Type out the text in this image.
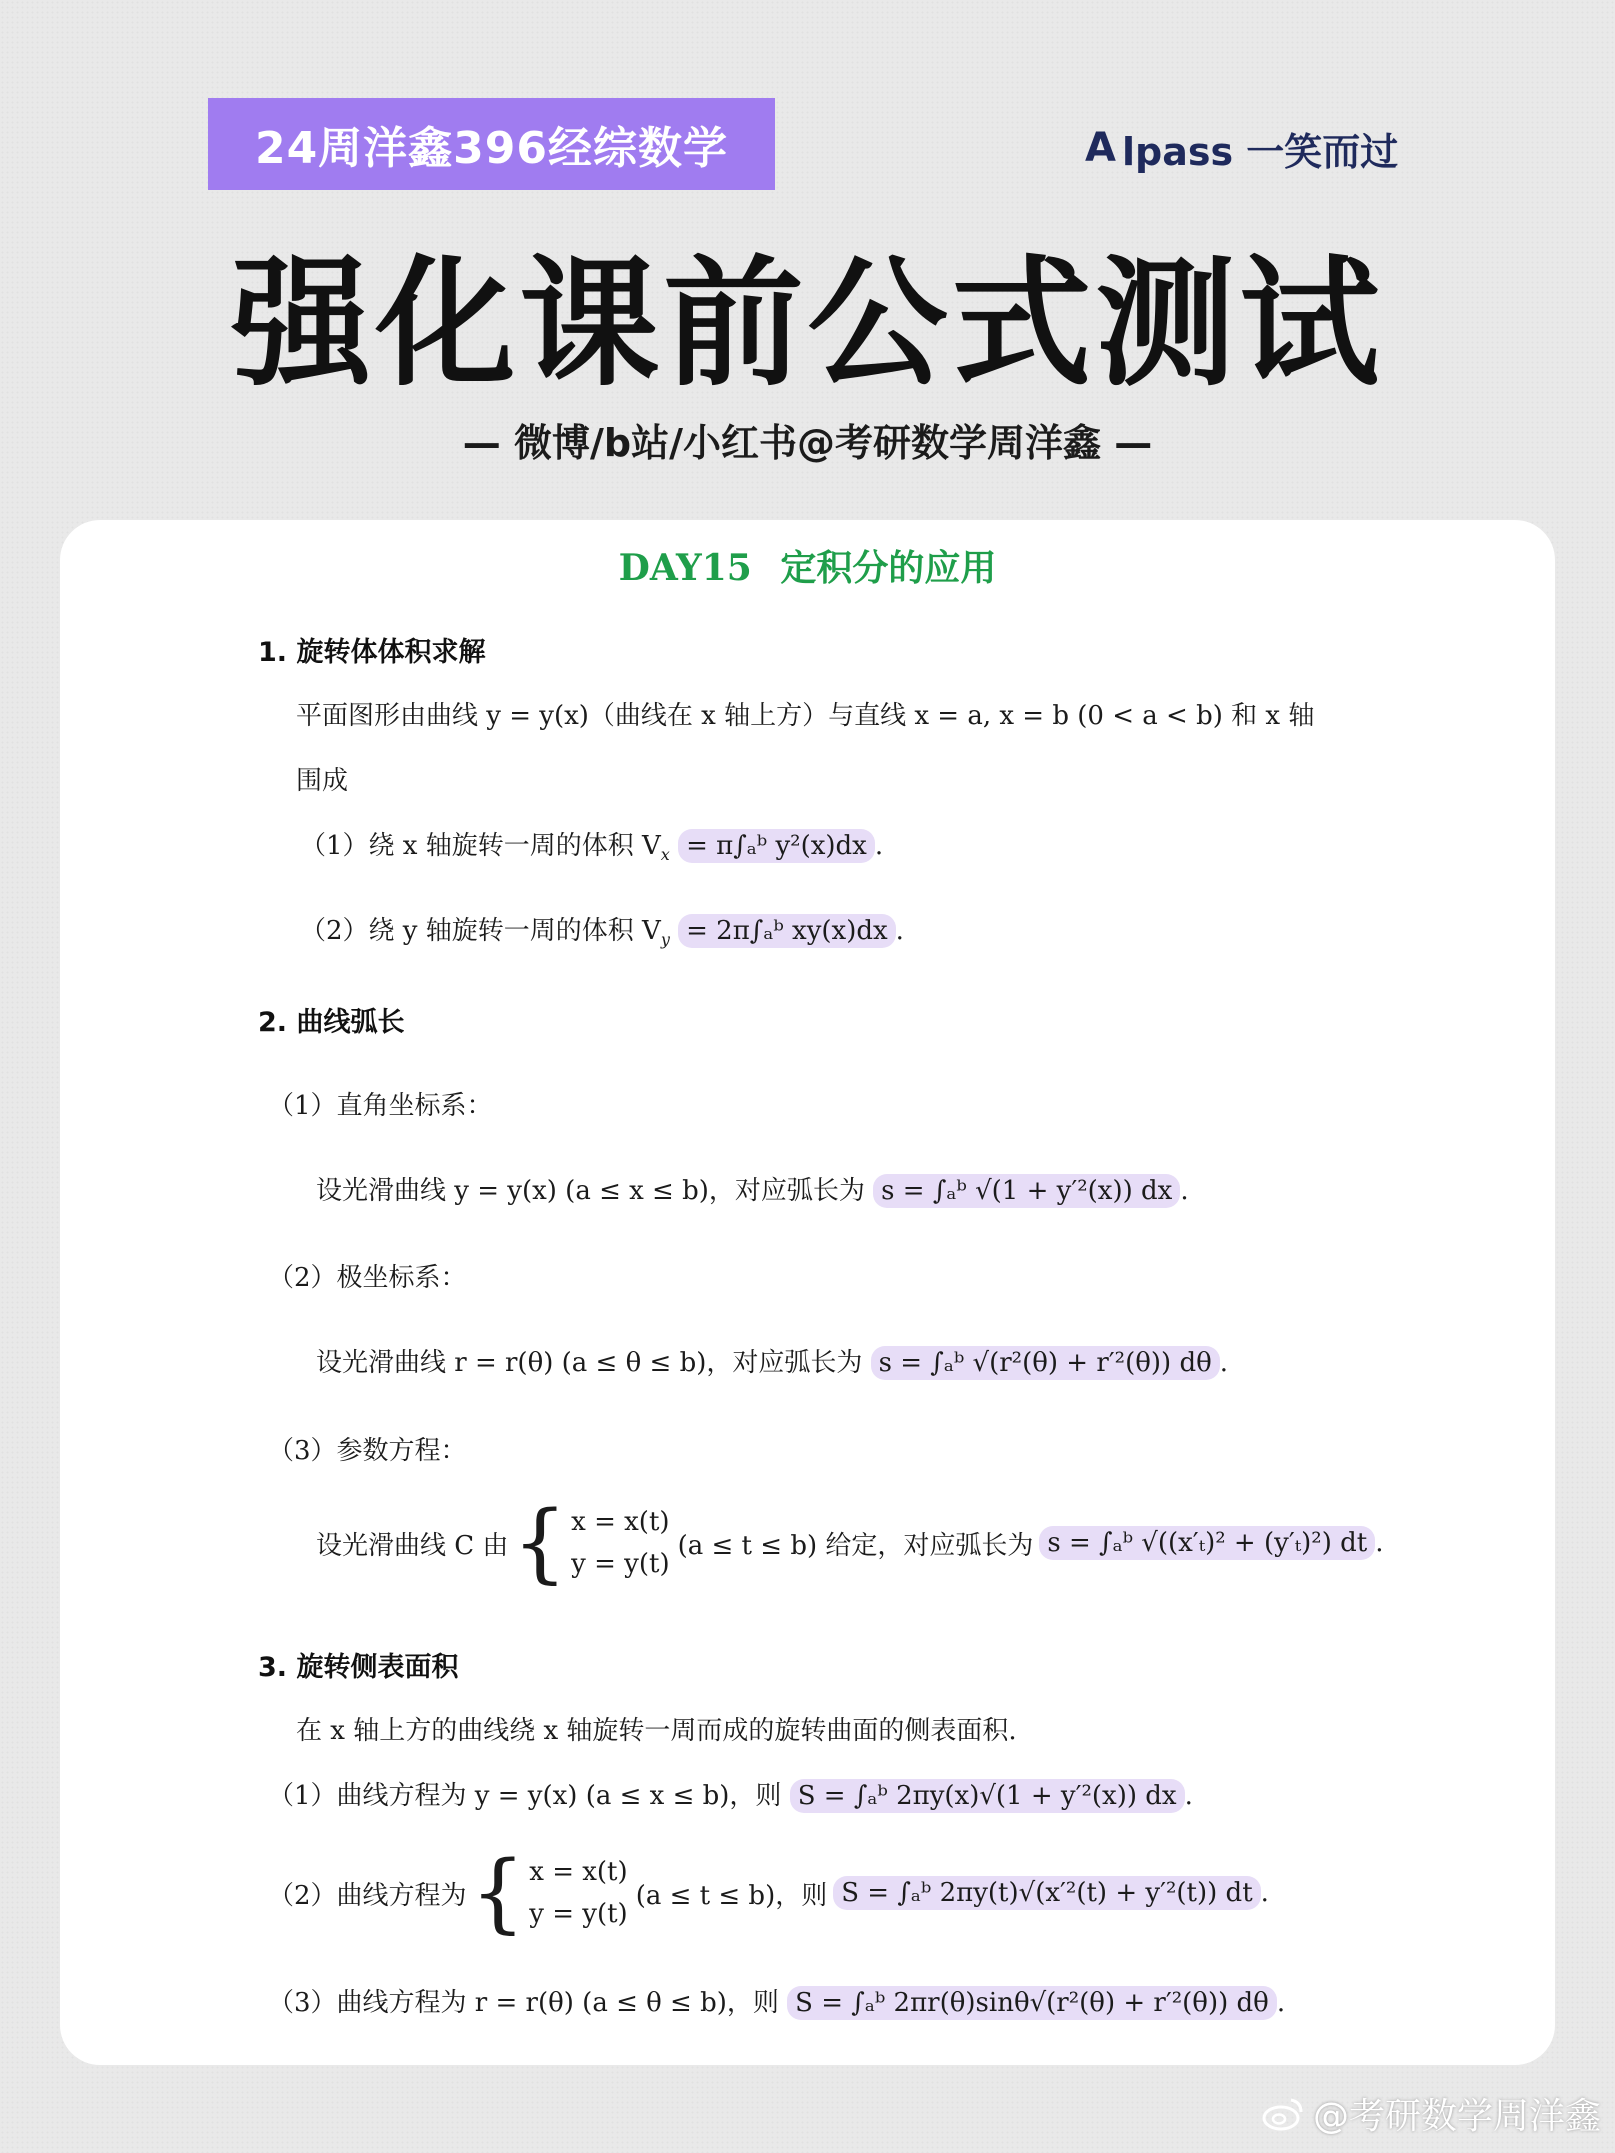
24周洋鑫396经综数学	A lpass 一笑而过
强化课前公式测试
— 微博/b站/小红书@考研数学周洋鑫 —
DAY15 定积分的应用
1. 旋转体体积求解
平面图形由曲线 y = y(x)（曲线在 x 轴上方）与直线 x = a, x = b (0 < a < b) 和 x 轴
围成
（1）绕 x 轴旋转一周的体积 $V_x$ = π∫ₐᵇ y²(x)dx .
（2）绕 y 轴旋转一周的体积 $V_y$ = 2π∫ₐᵇ xy(x)dx .
2. 曲线弧长
（1）直角坐标系：
设光滑曲线 y = y(x) (a ≤ x ≤ b)，对应弧长为 s = ∫ₐᵇ √(1 + y′²(x)) dx .
（2）极坐标系：
设光滑曲线 r = r(θ) (a ≤ θ ≤ b)，对应弧长为 s = ∫ₐᵇ √(r²(θ) + r′²(θ)) dθ .
（3）参数方程：
设光滑曲线 C 由 { x = x(t)
y = y(t)
(a ≤ t ≤ b) 给定，对应弧长为 s = ∫ₐᵇ √((x′ₜ)² + (y′ₜ)²) dt .
3. 旋转侧表面积
在 x 轴上方的曲线绕 x 轴旋转一周而成的旋转曲面的侧表面积.
（1）曲线方程为 y = y(x) (a ≤ x ≤ b)，则 S = ∫ₐᵇ 2πy(x)√(1 + y′²(x)) dx .
（2）曲线方程为 { x = x(t)
y = y(t)
(a ≤ t ≤ b)，则 S = ∫ₐᵇ 2πy(t)√(x′²(t) + y′²(t)) dt .
（3）曲线方程为 r = r(θ) (a ≤ θ ≤ b)，则 S = ∫ₐᵇ 2πr(θ)sinθ√(r²(θ) + r′²(θ)) dθ .
@考研数学周洋鑫
